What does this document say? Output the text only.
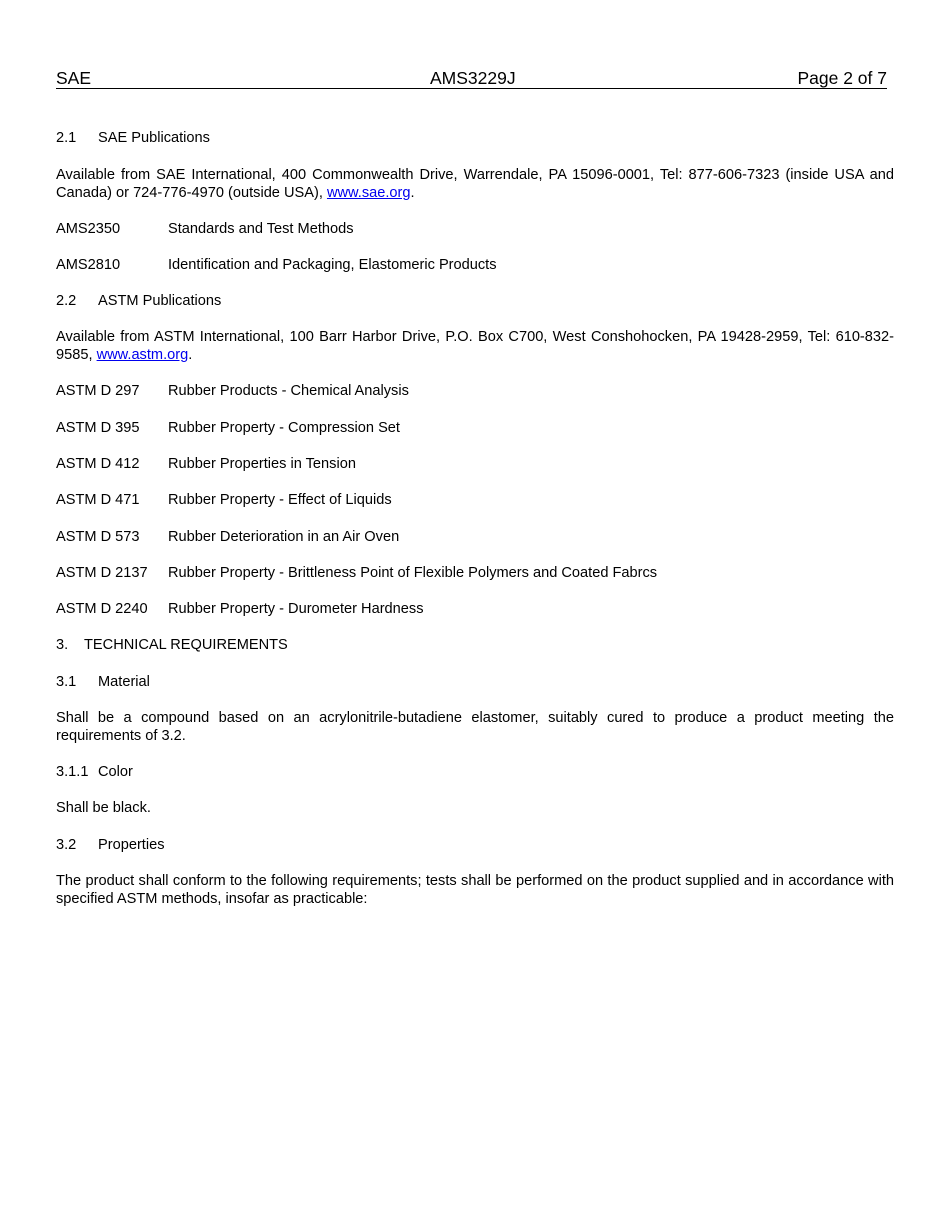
SAE	AMS3229J	Page 2 of 7
2.1 SAE Publications

Available from SAE International, 400 Commonwealth Drive, Warrendale, PA 15096-0001, Tel: 877-606-7323 (inside USA and Canada) or 724-776-4970 (outside USA), www.sae.org.

AMS2350	Standards and Test Methods
AMS2810	Identification and Packaging, Elastomeric Products
2.2 ASTM Publications

Available from ASTM International, 100 Barr Harbor Drive, P.O. Box C700, West Conshohocken, PA 19428-2959, Tel: 610-832-9585, www.astm.org.

ASTM D 297 Rubber Products - Chemical Analysis
ASTM D 395 Rubber Property - Compression Set
ASTM D 412 Rubber Properties in Tension
ASTM D 471 Rubber Property - Effect of Liquids
ASTM D 573 Rubber Deterioration in an Air Oven
ASTM D 2137 Rubber Property - Brittleness Point of Flexible Polymers and Coated Fabrcs
ASTM D 2240 Rubber Property - Durometer Hardness
3. TECHNICAL REQUIREMENTS
3.1 Material

Shall be a compound based on an acrylonitrile-butadiene elastomer, suitably cured to produce a product meeting the requirements of 3.2.

3.1.1 Color

Shall be black.

3.2 Properties

The product shall conform to the following requirements; tests shall be performed on the product supplied and in accordance with specified ASTM methods, insofar as practicable:
